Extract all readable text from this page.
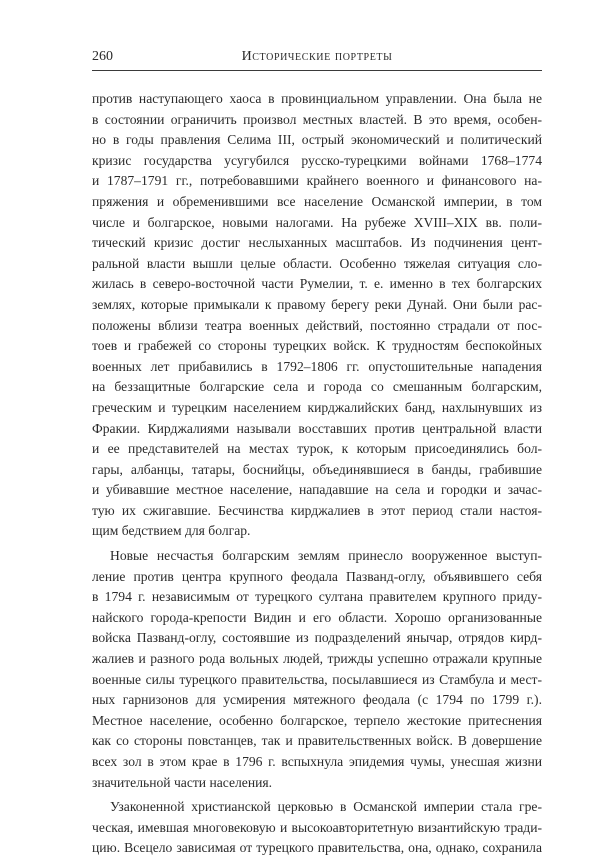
260	Исторические портреты
против наступающего хаоса в провинциальном управлении. Она была не
в состоянии ограничить произвол местных властей. В это время, особен-
но в годы правления Селима III, острый экономический и политический
кризис государства усугубился русско-турецкими войнами 1768–1774
и 1787–1791 гг., потребовавшими крайнего военного и финансового на-
пряжения и обременившими все население Османской империи, в том
числе и болгарское, новыми налогами. На рубеже XVIII–XIX вв. поли-
тический кризис достиг неслыханных масштабов. Из подчинения цент-
ральной власти вышли целые области. Особенно тяжелая ситуация сло-
жилась в северо-восточной части Румелии, т. е. именно в тех болгарских
землях, которые примыкали к правому берегу реки Дунай. Они были рас-
положены вблизи театра военных действий, постоянно страдали от пос-
тоев и грабежей со стороны турецких войск. К трудностям беспокойных
военных лет прибавились в 1792–1806 гг. опустошительные нападения
на беззащитные болгарские села и города со смешанным болгарским,
греческим и турецким населением кирджалийских банд, нахлынувших из
Фракии. Кирджалиями называли восставших против центральной власти
и ее представителей на местах турок, к которым присоединялись бол-
гары, албанцы, татары, боснийцы, объединявшиеся в банды, грабившие
и убивавшие местное население, нападавшие на села и городки и зачас-
тую их сжигавшие. Бесчинства кирджалиев в этот период стали настоя-
щим бедствием для болгар.
Новые несчастья болгарским землям принесло вооруженное выступ-
ление против центра крупного феодала Пазванд-оглу, объявившего себя
в 1794 г. независимым от турецкого султана правителем крупного приду-
найского города-крепости Видин и его области. Хорошо организованные
войска Пазванд-оглу, состоявшие из подразделений янычар, отрядов кирд-
жалиев и разного рода вольных людей, трижды успешно отражали крупные
военные силы турецкого правительства, посылавшиеся из Стамбула и мест-
ных гарнизонов для усмирения мятежного феодала (с 1794 по 1799 г.).
Местное население, особенно болгарское, терпело жестокие притеснения
как со стороны повстанцев, так и правительственных войск. В довершение
всех зол в этом крае в 1796 г. вспыхнула эпидемия чумы, унесшая жизни
значительной части населения.
Узаконенной христианской церковью в Османской империи стала гре-
ческая, имевшая многовековую и высокоавторитетную византийскую тради-
цию. Всецело зависимая от турецкого правительства, она, однако, сохранила
